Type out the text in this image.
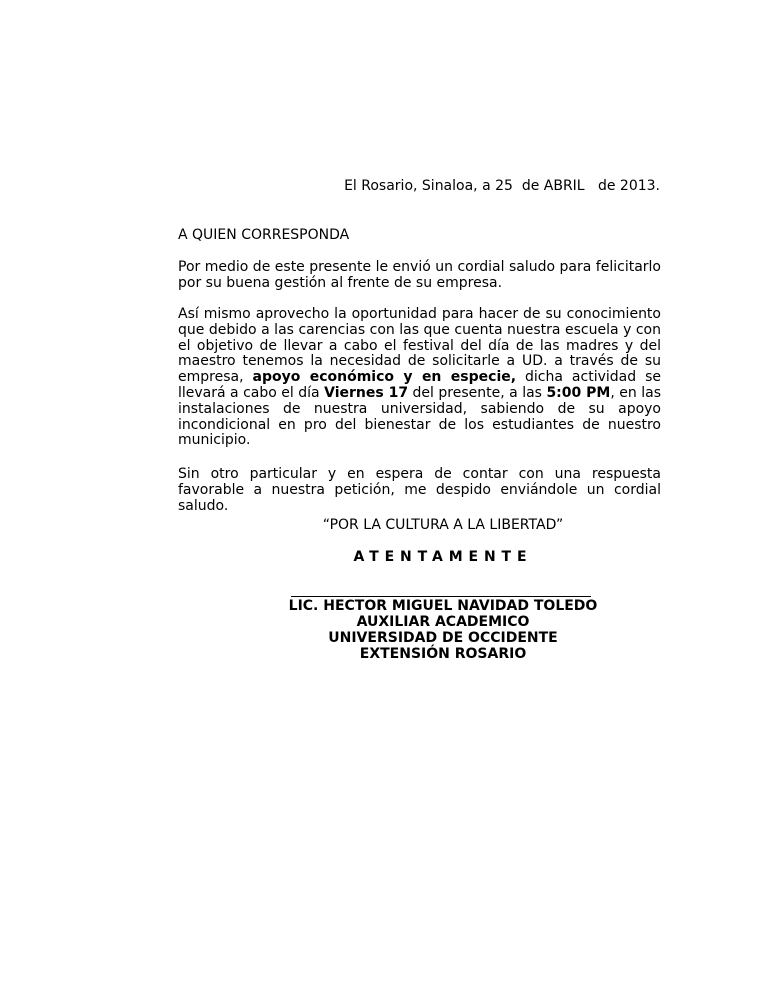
El Rosario, Sinaloa, a 25  de ABRIL   de 2013.
A QUIEN CORRESPONDA

Por medio de este presente le envió un cordial saludo para felicitarlo por su buena gestión al frente de su empresa.

Así mismo aprovecho la oportunidad para hacer de su conocimiento que debido a las carencias con las que cuenta nuestra escuela y con el objetivo de llevar a cabo el festival del día de las madres y del maestro tenemos la necesidad de solicitarle a UD. a través de su empresa, apoyo económico y en especie, dicha actividad se llevará a cabo el día Viernes 17 del presente, a las 5:00 PM, en las instalaciones de nuestra universidad, sabiendo de su apoyo incondicional en pro del bienestar de los estudiantes de nuestro municipio.

Sin otro particular y en espera de contar con una respuesta favorable a nuestra petición, me despido enviándole un cordial saludo.

“POR LA CULTURA A LA LIBERTAD”
ATENTAMENTE
LIC. HECTOR MIGUEL NAVIDAD TOLEDO
AUXILIAR ACADEMICO
UNIVERSIDAD DE OCCIDENTE
EXTENSIÓN ROSARIO
